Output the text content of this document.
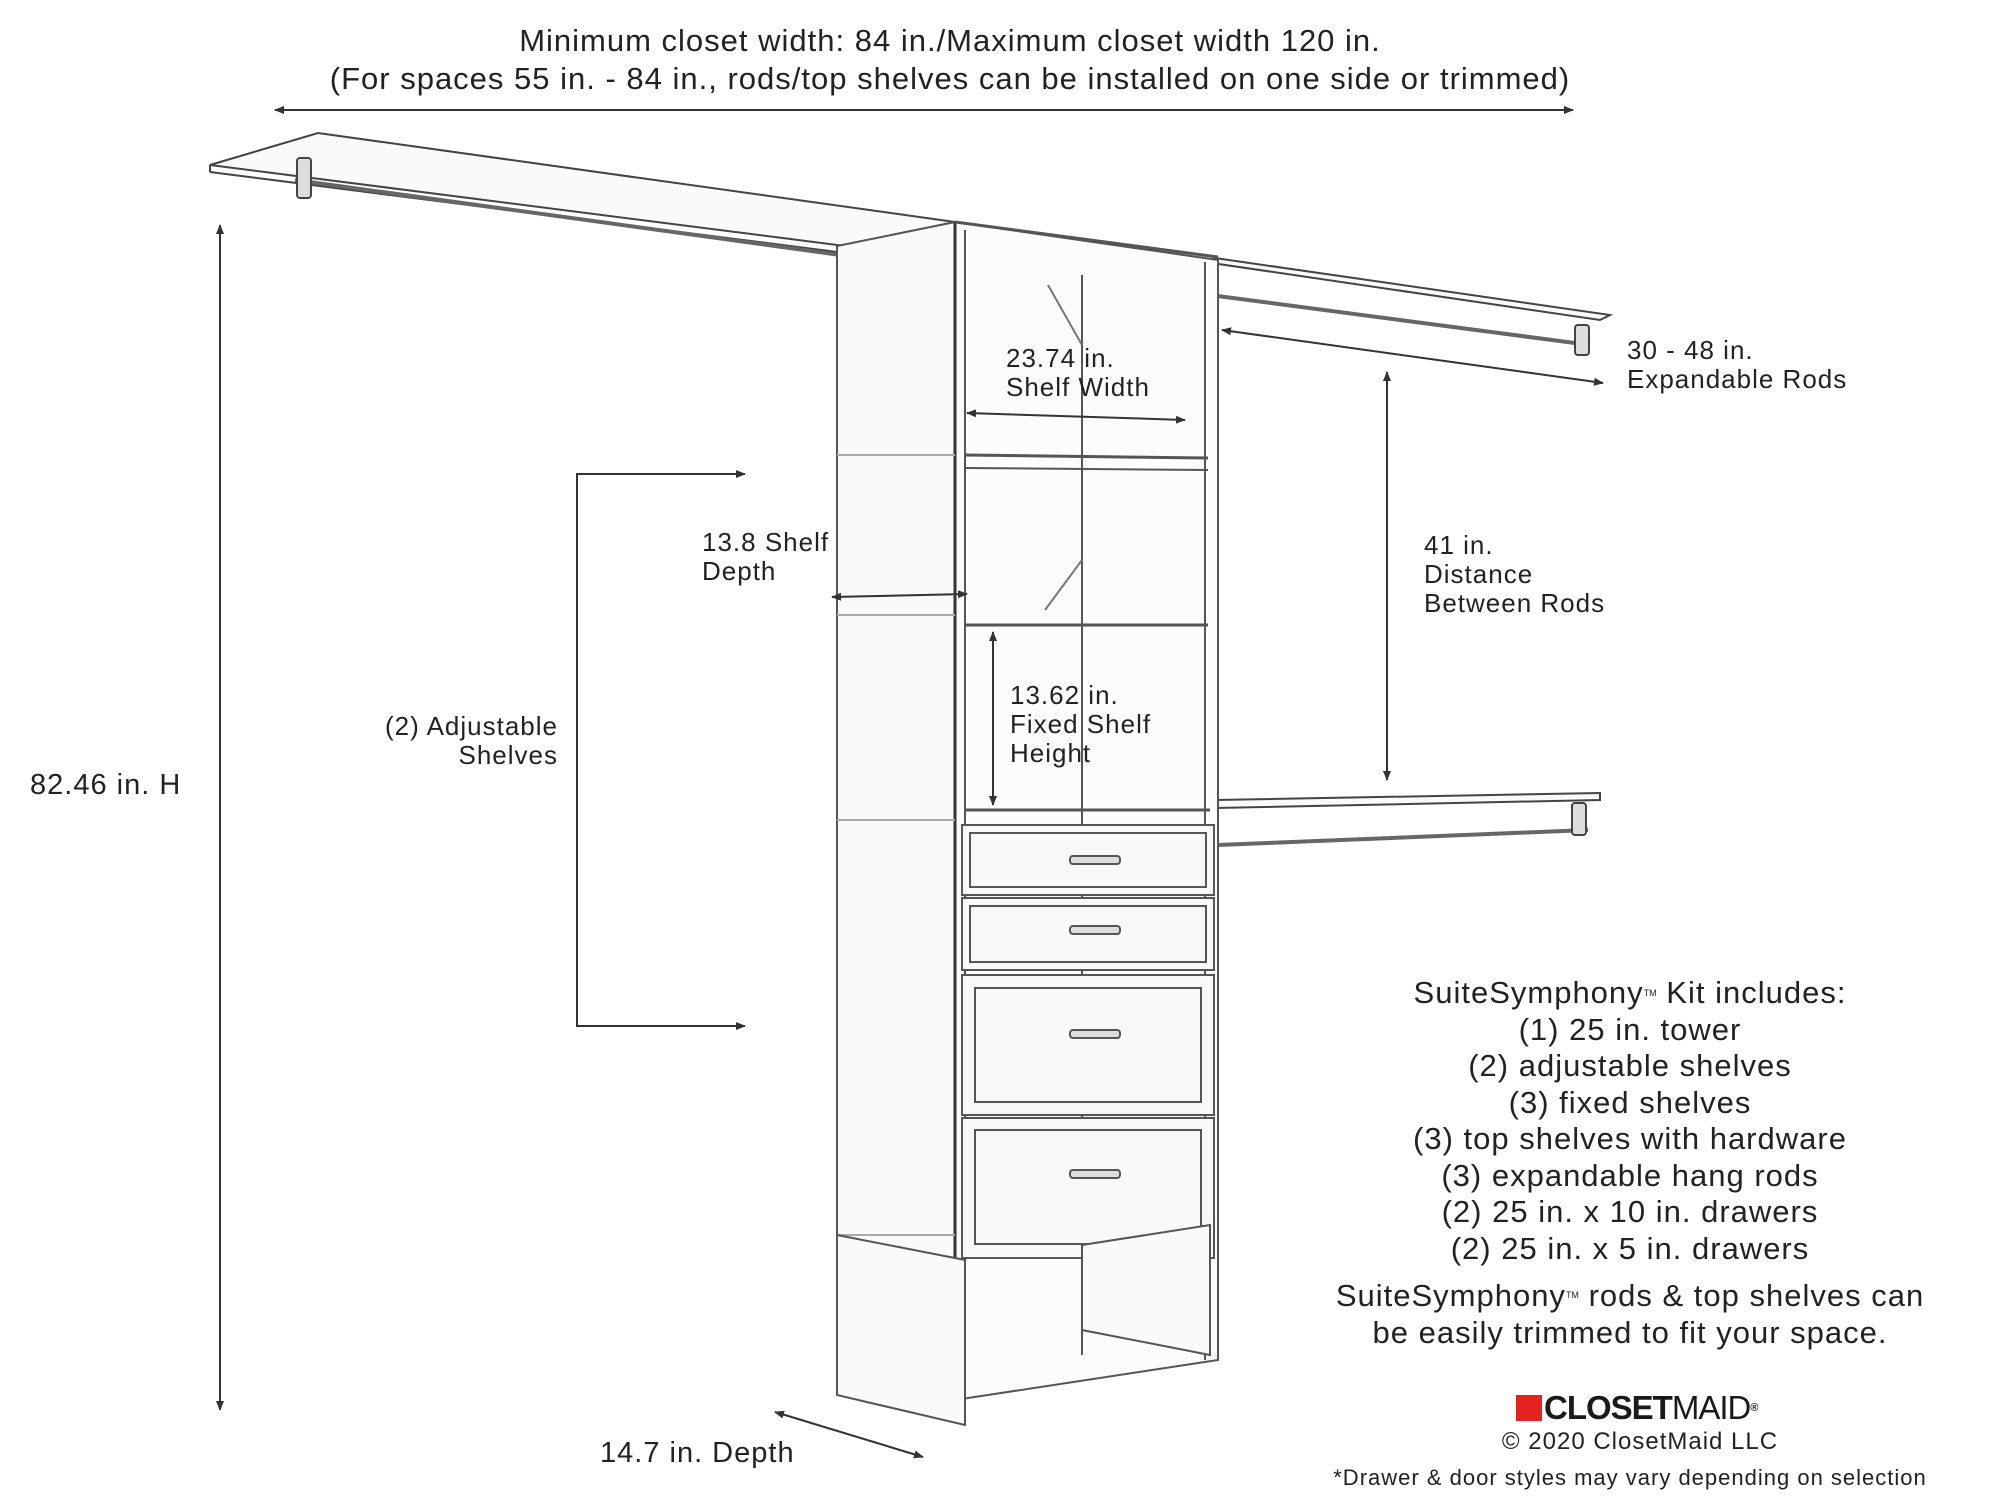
Minimum closet width: 84 in./Maximum closet width 120 in.
(For spaces 55 in. - 84 in., rods/top shelves can be installed on one side or trimmed)
82.46 in. H
14.7 in. Depth
23.74 in.
Shelf Width
13.8 Shelf
Depth
13.62 in.
Fixed Shelf
Height
30 - 48 in.
Expandable Rods
41 in.
Distance
Between Rods
(2) Adjustable
Shelves
SuiteSymphony™ Kit includes:
(1) 25 in. tower
(2) adjustable shelves
(3) fixed shelves
(3) top shelves with hardware
(3) expandable hang rods
(2) 25 in. x 10 in. drawers
(2) 25 in. x 5 in. drawers
SuiteSymphony™ rods & top shelves can
be easily trimmed to fit your space.
CLOSETMAID®
© 2020 ClosetMaid LLC
*Drawer & door styles may vary depending on selection
